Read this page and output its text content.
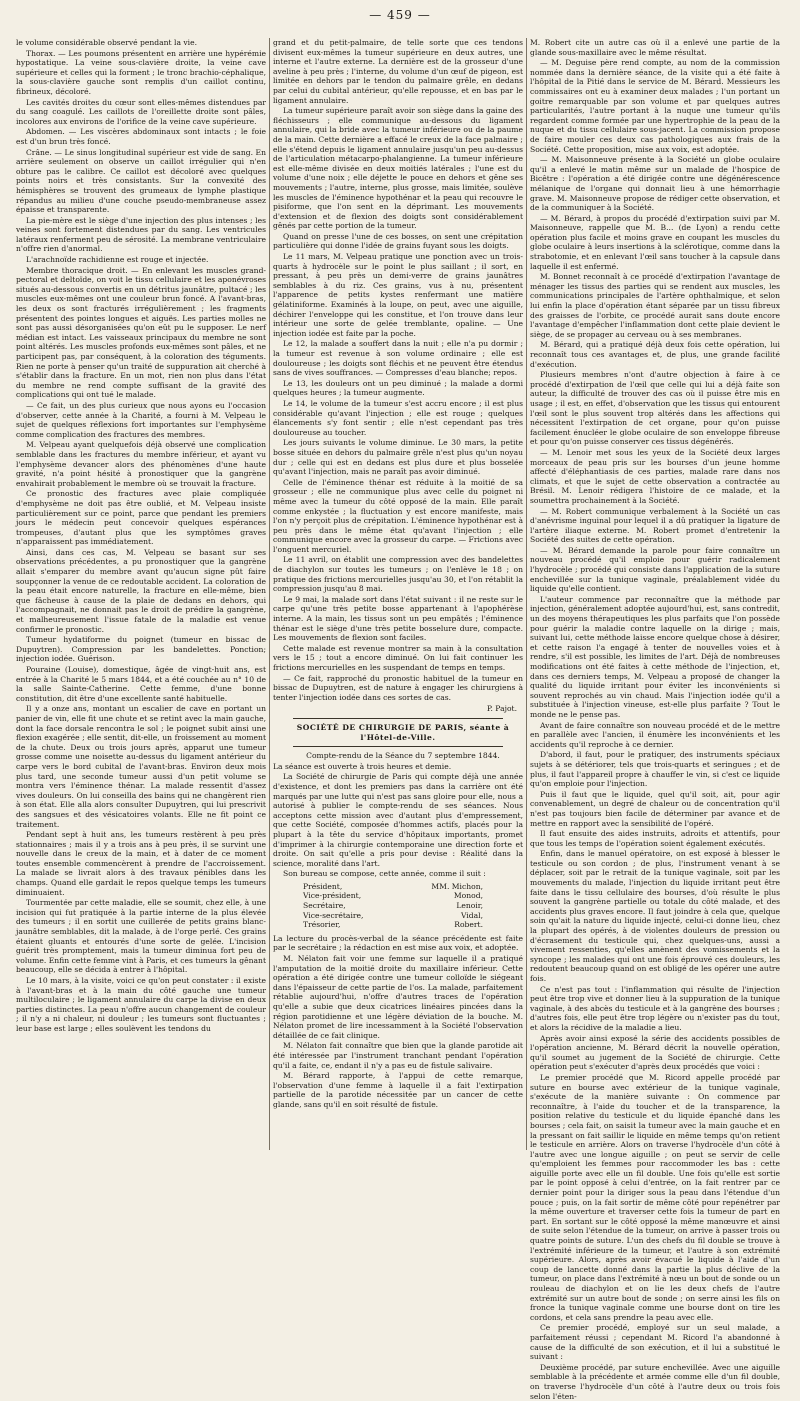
— 459 —

le volume considérable observé pendant la vie.

Thorax. — Les poumons présentent en arrière une hypérémie hypostatique. La veine sous-clavière droite, la veine cave supérieure et celles qui la forment ; le tronc brachio-céphalique, la sous-clavière gauche sont remplis d'un caillot continu, fibrineux, décoloré.

Les cavités droites du cœur sont elles-mêmes distendues par du sang coagulé. Les caillots de l'oreillette droite sont pâles, incolores aux environs de l'orifice de la veine cave supérieure.

Abdomen. — Les viscères abdominaux sont intacts ; le foie est d'un brun très foncé.

Crâne. — Le sinus longitudinal supérieur est vide de sang. En arrière seulement on observe un caillot irrégulier qui n'en obture pas le calibre. Ce caillot est décoloré avec quelques points noirs et très consistants. Sur la convexité des hémisphères se trouvent des grumeaux de lymphe plastique répandus au milieu d'une couche pseudo-membraneuse assez épaisse et transparente.

La pie-mère est le siège d'une injection des plus intenses ; les veines sont fortement distendues par du sang. Les ventricules latéraux renferment peu de sérosité. La membrane ventriculaire n'offre rien d'anormal.

L'arachnoïde rachidienne est rouge et injectée.

Membre thoracique droit. — En enlevant les muscles grand-pectoral et deltoïde, on voit le tissu cellulaire et les aponévroses situés au-dessous convertis en un détritus jaunâtre, pultacé ; les muscles eux-mêmes ont une couleur brun foncé. A l'avant-bras, les deux os sont fracturés irrégulièrement ; les fragments présentent des pointes longues et aiguës. Les parties molles ne sont pas aussi désorganisées qu'on eût pu le supposer. Le nerf médian est intact. Les vaisseaux principaux du membre ne sont point altérés. Les muscles profonds eux-mêmes sont pâles, et ne participent pas, par conséquent, à la coloration des téguments. Rien ne porte à penser qu'un traité de suppuration ait cherché à s'établir dans la fracture. En un mot, rien non plus dans l'état du membre ne rend compte suffisant de la gravité des complications qui ont tué le malade.

— Ce fait, un des plus curieux que nous ayons eu l'occasion d'observer, cette année à la Charité, a fourni à M. Velpeau le sujet de quelques réflexions fort importantes sur l'emphysème comme complication des fractures des membres.

M. Velpeau ayant quelquefois déjà observé une complication semblable dans les fractures du membre inférieur, et ayant vu l'emphysème devancer alors des phénomènes d'une haute gravité, n'a point hésité à pronostiquer que la gangrène envahirait probablement le membre où se trouvait la fracture.

Ce pronostic des fractures avec plaie compliquée d'emphysème ne doit pas être oublié, et M. Velpeau insiste particulièrement sur ce point, parce que pendant les premiers jours le médecin peut concevoir quelques espérances trompeuses, d'autant plus que les symptômes graves n'apparaissent pas immédiatement.

Ainsi, dans ces cas, M. Velpeau se basant sur ses observations précédentes, a pu pronostiquer que la gangrène allait s'emparer du membre avant qu'aucun signe pût faire soupçonner la venue de ce redoutable accident. La coloration de la peau était encore naturelle, la fracture en elle-même, bien que fâcheuse à cause de la plaie de dedans en dehors, qui l'accompagnait, ne donnait pas le droit de prédire la gangrène, et malheureusement l'issue fatale de la maladie est venue confirmer le pronostic.

Tumeur hydatiforme du poignet (tumeur en bissac de Dupuytren). Compression par les bandelettes. Ponction; injection iodée. Guérison.

Pouraine (Louise), domestique, âgée de vingt-huit ans, est entrée à la Charité le 5 mars 1844, et a été couchée au n° 10 de la salle Sainte-Catherine. Cette femme, d'une bonne constitution, dit être d'une excellente santé habituelle.

Il y a onze ans, montant un escalier de cave en portant un panier de vin, elle fit une chute et se retint avec la main gauche, dont la face dorsale rencontra le sol ; le poignet subit ainsi une flexion exagérée ; elle sentit, dit-elle, un froissement au moment de la chute. Deux ou trois jours après, apparut une tumeur grosse comme une noisette au-dessus du ligament antérieur du carpe vers le bord cubital de l'avant-bras. Environ deux mois plus tard, une seconde tumeur aussi d'un petit volume se montra vers l'éminence thénar. La malade ressentit d'assez vives douleurs. On lui conseilla des bains qui ne changèrent rien à son état. Elle alla alors consulter Dupuytren, qui lui prescrivit des sangsues et des vésicatoires volants. Elle ne fit point ce traitement.

Pendant sept à huit ans, les tumeurs restèrent à peu près stationnaires ; mais il y a trois ans à peu près, il se survint une nouvelle dans le creux de la main, et à dater de ce moment toutes ensemble commencèrent à prendre de l'accroissement. La malade se livrait alors à des travaux pénibles dans les champs. Quand elle gardait le repos quelque temps les tumeurs diminuaient.

Tourmentée par cette maladie, elle se soumit, chez elle, à une incision qui fut pratiquée à la partie interne de la plus élevée des tumeurs ; il en sortit une cuillerée de petits grains blanc-jaunâtre semblables, dit la malade, à de l'orge perlé. Ces grains étaient gluants et entourés d'une sorte de gelée. L'incision guérit très promptement, mais la tumeur diminua fort peu de volume. Enfin cette femme vint à Paris, et ces tumeurs la gênant beaucoup, elle se décida à entrer à l'hôpital.

Le 10 mars, à la visite, voici ce qu'on peut constater : il existe à l'avant-bras et à la main du côté gauche une tumeur multiloculaire ; le ligament annulaire du carpe la divise en deux parties distinctes. La peau n'offre aucun changement de couleur ; il n'y a ni chaleur, ni douleur ; les tumeurs sont fluctuantes ; leur base est large ; elles soulèvent les tendons du

grand et du petit-palmaire, de telle sorte que ces tendons divisent eux-mêmes la tumeur supérieure en deux autres, une interne et l'autre externe. La dernière est de la grosseur d'une aveline à peu près ; l'interne, du volume d'un œuf de pigeon, est limitée en dehors par le tendon du palmaire grêle, en dedans par celui du cubital antérieur, qu'elle repousse, et en bas par le ligament annulaire.

La tumeur supérieure paraît avoir son siège dans la gaine des fléchisseurs ; elle communique au-dessous du ligament annulaire, qui la bride avec la tumeur inférieure ou de la paume de la main. Cette dernière a effacé le creux de la face palmaire ; elle s'étend depuis le ligament annulaire jusqu'un peu au-dessus de l'articulation métacarpo-phalangienne. La tumeur inférieure est elle-même divisée en deux moitiés latérales ; l'une est du volume d'une noix ; elle déjette le pouce en dehors et gêne ses mouvements ; l'autre, interne, plus grosse, mais limitée, soulève les muscles de l'éminence hypothénar et la peau qui recouvre le pisiforme, que l'on sent en la déprimant. Les mouvements d'extension et de flexion des doigts sont considérablement gênés par cette portion de la tumeur.

Quand on presse l'une de ces bosses, on sent une crépitation particulière qui donne l'idée de grains fuyant sous les doigts.

Le 11 mars, M. Velpeau pratique une ponction avec un trois-quarts à hydrocèle sur le point le plus saillant ; il sort, en pressant, à peu près un demi-verre de grains jaunâtres semblables à du riz. Ces grains, vus à nu, présentent l'apparence de petits kystes renfermant une matière gélatiniforme. Examinés à la loupe, on peut, avec une aiguille, déchirer l'enveloppe qui les constitue, et l'on trouve dans leur intérieur une sorte de gelée tremblante, opaline. — Une injection iodée est faite par la poche.

Le 12, la malade a souffert dans la nuit ; elle n'a pu dormir ; la tumeur est revenue à son volume ordinaire ; elle est douloureuse ; les doigts sont fléchis et ne peuvent être étendus sans de vives souffrances. — Compresses d'eau blanche; repos.

Le 13, les douleurs ont un peu diminué ; la malade a dormi quelques heures ; la tumeur augmente.

Le 14, le volume de la tumeur s'est accru encore ; il est plus considérable qu'avant l'injection ; elle est rouge ; quelques élancements s'y font sentir ; elle n'est cependant pas très douloureuse au toucher.

Les jours suivants le volume diminue. Le 30 mars, la petite bosse située en dehors du palmaire grêle n'est plus qu'un noyau dur ; celle qui est en dedans est plus dure et plus bosselée qu'avant l'injection, mais ne paraît pas avoir diminué.

Celle de l'éminence thénar est réduite à la moitié de sa grosseur ; elle ne communique plus avec celle du poignet ni même avec la tumeur du côté opposé de la main. Elle paraît comme enkystée ; la fluctuation y est encore manifeste, mais l'on n'y perçoit plus de crépitation. L'éminence hypothénar est à peu près dans le même état qu'avant l'injection ; elle communique encore avec la grosseur du carpe. — Frictions avec l'onguent mercuriel.

Le 11 avril, on établit une compression avec des bandelettes de diachylon sur toutes les tumeurs ; on l'enlève le 18 ; on pratique des frictions mercurielles jusqu'au 30, et l'on rétablit la compression jusqu'au 8 mai.

Le 9 mai, la malade sort dans l'état suivant : il ne reste sur le carpe qu'une très petite bosse appartenant à l'apophérèse interne. A la main, les tissus sont un peu empâtés ; l'éminence thénar est le siège d'une très petite bosselure dure, compacte. Les mouvements de flexion sont faciles.

Cette malade est revenue montrer sa main à la consultation vers le 15 ; tout a encore diminué. On lui fait continuer les frictions mercurielles en les suspendant de temps en temps.

— Ce fait, rapproché du pronostic habituel de la tumeur en bissac de Dupuytren, est de nature à engager les chirurgiens à tenter l'injection iodée dans ces sortes de cas.

P. Pajot.

SOCIÉTÉ DE CHIRURGIE DE PARIS, séante à l'Hôtel-de-Ville.

Compte-rendu de la Séance du 7 septembre 1844.

La séance est ouverte à trois heures et demie.

La Société de chirurgie de Paris qui compte déjà une année d'existence, et dont les premiers pas dans la carrière ont été marqués par une lutte qui n'est pas sans gloire pour elle, nous a autorisé à publier le compte-rendu de ses séances. Nous acceptons cette mission avec d'autant plus d'empressement, que cette Société, composée d'hommes actifs, placés pour la plupart à la tête du service d'hôpitaux importants, promet d'imprimer à la chirurgie contemporaine une direction forte et droite. On sait qu'elle a pris pour devise : Réalité dans la science, moralité dans l'art.

Son bureau se compose, cette année, comme il suit :

Président,	MM. Michon,
Vice-président,	Monod,
Secrétaire,	Lenoir,
Vice-secrétaire,	Vidal,
Trésorier,	Robert.

La lecture du procès-verbal de la séance précédente est faite par le secrétaire ; la rédaction en est mise aux voix, et adoptée.

M. Nélaton fait voir une femme sur laquelle il a pratiqué l'amputation de la moitié droite du maxillaire inférieur. Cette opération a été dirigée contre une tumeur colloïde le siégeant dans l'épaisseur de cette partie de l'os. La malade, parfaitement rétablie aujourd'hui, n'offre d'autres traces de l'opération qu'elle a subie que deux cicatrices linéaires pincées dans la région parotidienne et une légère déviation de la bouche. M. Nélaton promet de lire incessamment à la Société l'observation détaillée de ce fait clinique.

M. Nélaton fait connaître que bien que la glande parotide ait été intéressée par l'instrument tranchant pendant l'opération qu'il a faite, ce, endant il n'y a pas eu de fistule salivaire.

M. Bérard rapporte, à l'appui de cette remarque, l'observation d'une femme à laquelle il a fait l'extirpation partielle de la parotide nécessitée par un cancer de cette glande, sans qu'il en soit résulté de fistule.

M. Robert cite un autre cas où il a enlevé une partie de la glande sous-maxillaire avec le même résultat.

— M. Deguise père rend compte, au nom de la commission nommée dans la dernière séance, de la visite qui a été faite à l'hôpital de la Pitié dans le service de M. Bérard. Messieurs les commissaires ont eu à examiner deux malades ; l'un portant un goitre remarquable par son volume et par quelques autres particularités, l'autre portant à la nuque une tumeur qu'ils regardent comme formée par une hypertrophie de la peau de la nuque et du tissu cellulaire sous-jacent. La commission propose de faire mouler ces deux cas pathologiques aux frais de la Société. Cette proposition, mise aux voix, est adoptée.

— M. Maisonneuve présente à la Société un globe oculaire qu'il a enlevé le matin même sur un malade de l'hospice de Bicêtre : l'opération a été dirigée contre une dégénérescence mélanique de l'organe qui donnait lieu à une hémorrhagie grave. M. Maisonneuve propose de rédiger cette observation, et de la communiquer à la Société.

— M. Bérard, à propos du procédé d'extirpation suivi par M. Maisonneuve, rappelle que M. B... (de Lyon) a rendu cette opération plus facile et moins grave en coupant les muscles du globe oculaire à leurs insertions à la sclérotique, comme dans la strabotomie, et en enlevant l'œil sans toucher à la capsule dans laquelle il est enfermé.

M. Bonnet reconnaît à ce procédé d'extirpation l'avantage de ménager les tissus des parties qui se rendent aux muscles, les communications principales de l'artère ophthalmique, et selon lui enfin la place d'opération étant séparée par un tissu fibreux des graisses de l'orbite, ce procédé aurait sans doute encore l'avantage d'empêcher l'inflammation dont cette plaie devient le siège, de se propager au cerveau ou à ses membranes.

M. Bérard, qui a pratiqué déjà deux fois cette opération, lui reconnaît tous ces avantages et, de plus, une grande facilité d'exécution.

Plusieurs membres n'ont d'autre objection à faire à ce procédé d'extirpation de l'œil que celle qui lui a déjà faite son auteur, la difficulté de trouver des cas où il puisse être mis en usage ; il est, en effet, d'observation que les tissus qui entourent l'œil sont le plus souvent trop altérés dans les affections qui nécessitent l'extirpation de cet organe, pour qu'on puisse facilement énucléer le globe oculaire de son enveloppe fibreuse et pour qu'on puisse conserver ces tissus dégénérés.

— M. Lenoir met sous les yeux de la Société deux larges morceaux de peau pris sur les bourses d'un jeune homme affecté d'éléphantiasis de ces parties, malade rare dans nos climats, et que le sujet de cette observation a contractée au Brésil. M. Lenoir rédigera l'histoire de ce malade, et la soumettra prochainement à la Société.

— M. Robert communique verbalement à la Société un cas d'anévrisme inguinal pour lequel il a dû pratiquer la ligature de l'artère iliaque externe. M. Robert promet d'entretenir la Société des suites de cette opération.

— M. Bérard demande la parole pour faire connaître un nouveau procédé qu'il emploie pour guérir radicalement l'hydrocèle ; procédé qui consiste dans l'application de la suture enchevillée sur la tunique vaginale, préalablement vidée du liquide qu'elle contient.

L'auteur commence par reconnaître que la méthode par injection, généralement adoptée aujourd'hui, est, sans contredit, un des moyens thérapeutiques les plus parfaits que l'on possède pour guérir la maladie contre laquelle on la dirige ; mais, suivant lui, cette méthode laisse encore quelque chose à désirer, et cette raison l'a engagé à tenter de nouvelles voies et à rendre, s'il est possible, les limites de l'art. Déjà de nombreuses modifications ont été faites à cette méthode de l'injection, et, dans ces derniers temps, M. Velpeau a proposé de changer la qualité du liquide irritant pour éviter les inconvénients si souvent reprochés au vin chaud. Mais l'injection iodée qu'il a substituée à l'injection vineuse, est-elle plus parfaite ? Tout le monde ne le pense pas.

Avant de faire connaître son nouveau procédé et de le mettre en parallèle avec l'ancien, il énumère les inconvénients et les accidents qu'il reproche à ce dernier.

D'abord, il faut, pour le pratiquer, des instruments spéciaux sujets à se détériorer, tels que trois-quarts et seringues ; et de plus, il faut l'appareil propre à chauffer le vin, si c'est ce liquide qu'on emploie pour l'injection.

Puis il faut que le liquide, quel qu'il soit, ait, pour agir convenablement, un degré de chaleur ou de concentration qu'il n'est pas toujours bien facile de déterminer par avance et de mettre en rapport avec la sensibilité de l'opéré.

Il faut ensuite des aides instruits, adroits et attentifs, pour que tous les temps de l'opération soient également exécutés.

Enfin, dans le manuel opératoire, on est exposé à blesser le testicule ou son cordon ; de plus, l'instrument venant à se déplacer, soit par le retrait de la tunique vaginale, soit par les mouvements du malade, l'injection du liquide irritant peut être faite dans le tissu cellulaire des bourses, d'où résulte le plus souvent la gangrène partielle ou totale du côté malade, et des accidents plus graves encore. Il faut joindre à cela que, quelque soin qu'ait la nature du liquide injecté, celui-ci donne lieu, chez la plupart des opérés, à de violentes douleurs de pression ou d'écrasement du testicule qui, chez quelques-uns, aussi a vivement ressenties, qu'elles amènent des vomissements et la syncope ; les malades qui ont une fois éprouvé ces douleurs, les redoutent beaucoup quand on est obligé de les opérer une autre fois.

Ce n'est pas tout : l'inflammation qui résulte de l'injection peut être trop vive et donner lieu à la suppuration de la tunique vaginale, à des abcès du testicule et à la gangrène des bourses ; d'autres fois, elle peut être trop légère ou n'exister pas du tout, et alors la récidive de la maladie a lieu.

Après avoir ainsi exposé la série des accidents possibles de l'opération ancienne, M. Bérard décrit la nouvelle opération, qu'il soumet au jugement de la Société de chirurgie. Cette opération peut s'exécuter d'après deux procédés que voici :

Le premier procédé que M. Ricord appelle procédé par suture en bourse avec extérieur de la tunique vaginale, s'exécute de la manière suivante : On commence par reconnaître, à l'aide du toucher et de la transparence, la position relative du testicule et du liquide épanché dans les bourses ; cela fait, on saisit la tumeur avec la main gauche et en la pressant on fait saillir le liquide en même temps qu'on retient le testicule en arrière. Alors on traverse l'hydrocèle d'un côté à l'autre avec une longue aiguille ; on peut se servir de celle qu'emploient les femmes pour raccommoder les bas : cette aiguille porte avec elle un fil double. Une fois qu'elle est sortie par le point opposé à celui d'entrée, on la fait rentrer par ce dernier point pour la diriger sous la peau dans l'étendue d'un pouce ; puis, on la fait sortir de même côté pour repénétrer par la même ouverture et traverser cette fois la tumeur de part en part. En sortant sur le côté opposé la même manœuvre et ainsi de suite selon l'étendue de la tumeur, on arrive à passer trois ou quatre points de suture. L'un des chefs du fil double se trouve à l'extrémité inférieure de la tumeur, et l'autre à son extrémité supérieure. Alors, après avoir évacué le liquide à l'aide d'un coup de lancette donné dans la partie la plus déclive de la tumeur, on place dans l'extrémité à nœu un bout de sonde ou un rouleau de diachylon et on lie les deux chefs de l'autre extrémité sur un autre bout de sonde ; on serre ainsi les fils on fronce la tunique vaginale comme une bourse dont on tire les cordons, et cela sans prendre la peau avec elle.

Ce premier procédé, employé sur un seul malade, a parfaitement réussi ; cependant M. Ricord l'a abandonné à cause de la difficulté de son exécution, et il lui a substitué le suivant :

Deuxième procédé, par suture enchevillée. Avec une aiguille semblable à la précédente et armée comme elle d'un fil double, on traverse l'hydrocèle d'un côté à l'autre deux ou trois fois selon l'éten-
